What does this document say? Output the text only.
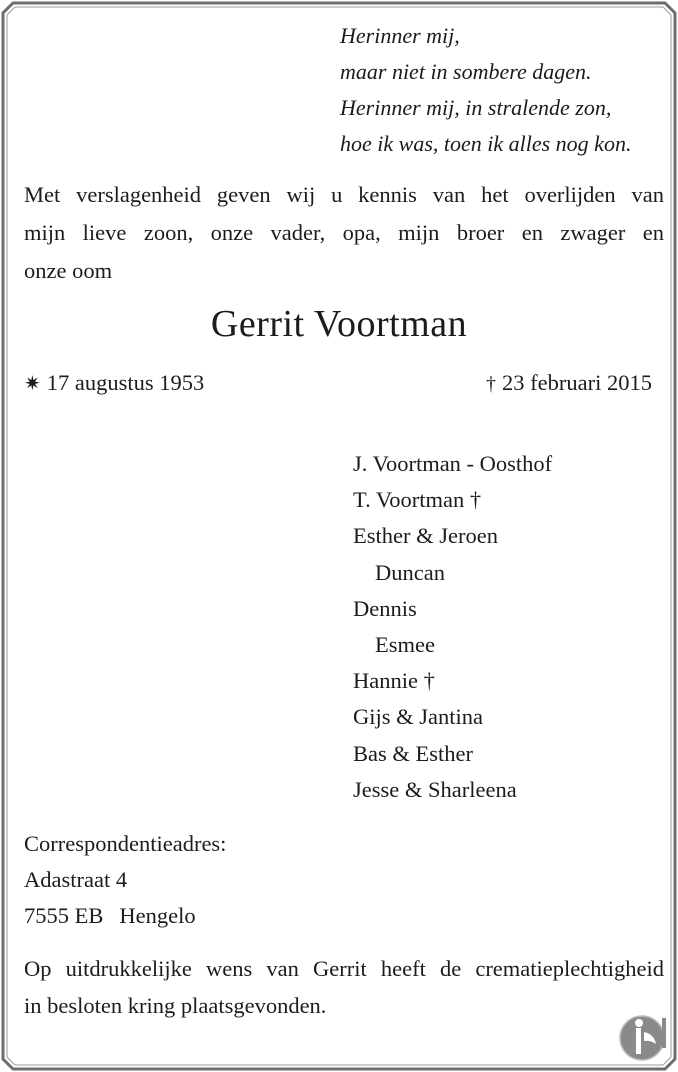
Herinner mij,
maar niet in sombere dagen.
Herinner mij, in stralende zon,
hoe ik was, toen ik alles nog kon.
Met verslagenheid geven wij u kennis van het overlijden van
mijn lieve zoon, onze vader, opa, mijn broer en zwager en
onze oom
Gerrit Voortman
✷ 17 augustus 1953	† 23 februari 2015
J. Voortman - Oosthof
T. Voortman †
Esther & Jeroen
Duncan
Dennis
Esmee
Hannie †
Gijs & Jantina
Bas & Esther
Jesse & Sharleena
Correspondentieadres:
Adastraat 4
7555 EB Hengelo
Op uitdrukkelijke wens van Gerrit heeft de crematieplechtigheid
in besloten kring plaatsgevonden.
